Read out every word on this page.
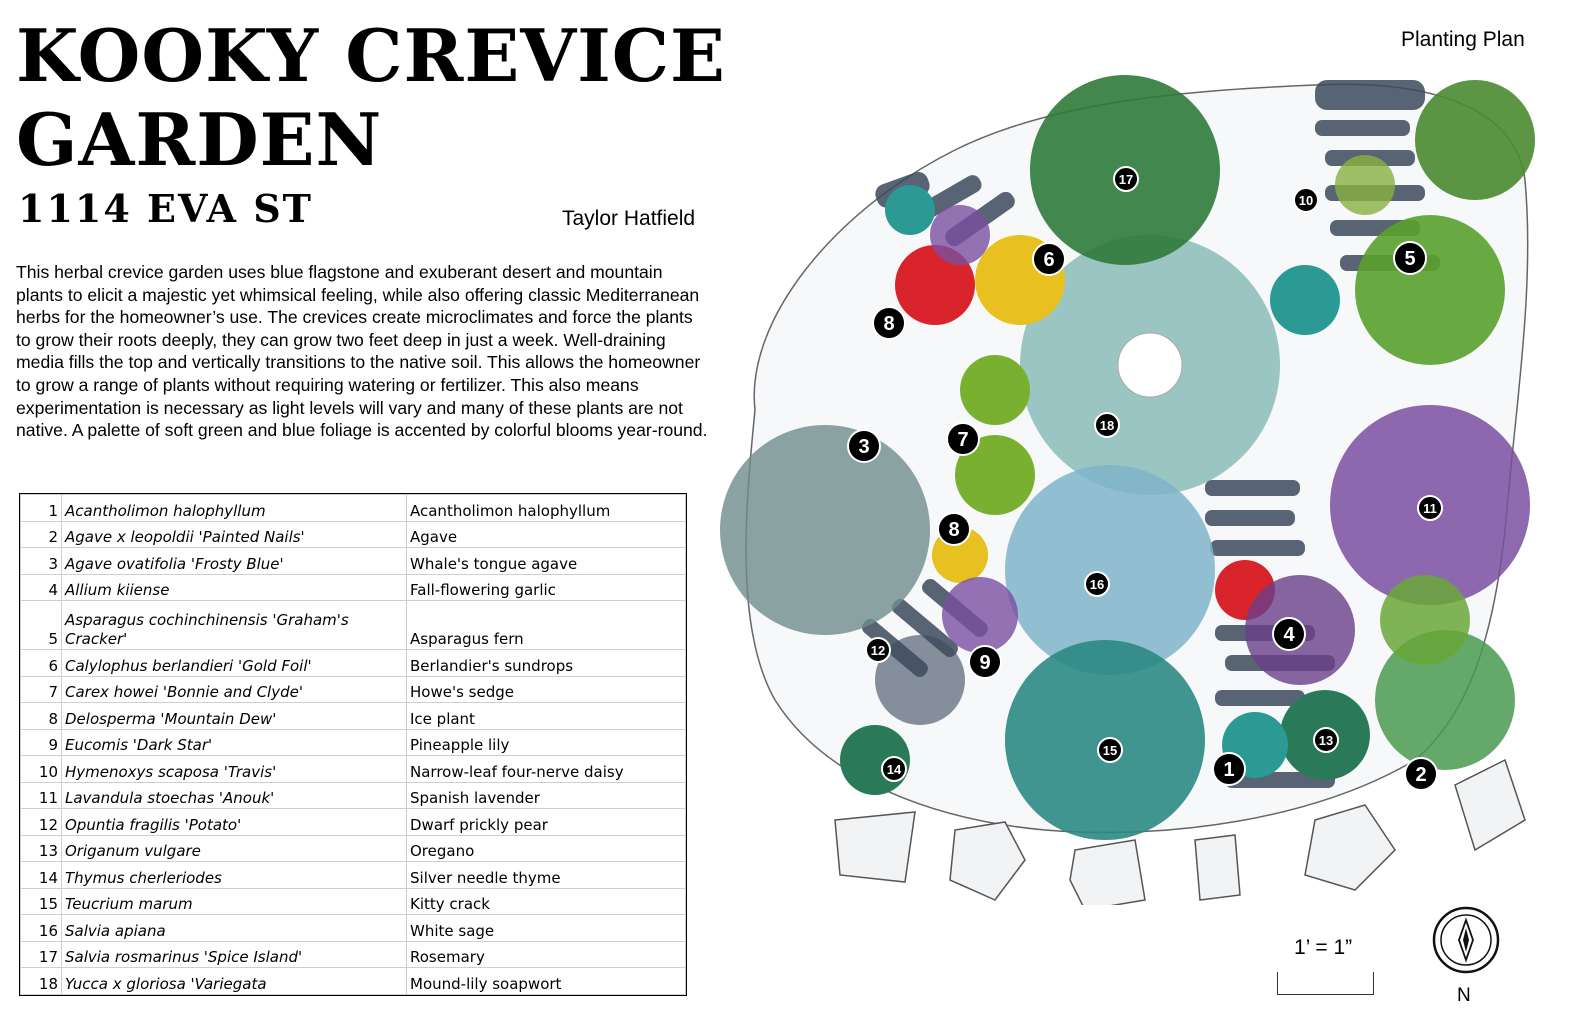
KOOKY CREVICE
GARDEN
1114 EVA ST	Taylor Hatfield

This herbal crevice garden uses blue flagstone and exuberant desert and mountain plants to elicit a majestic yet whimsical feeling, while also offering classic Mediterranean herbs for the homeowner’s use. The crevices create microclimates and force the plants to grow their roots deeply, they can grow two feet deep in just a week. Well-draining media fills the top and vertically transitions to the native soil. This allows the homeowner to grow a range of plants without requiring watering or fertilizer. This also means experimentation is necessary as light levels will vary and many of these plants are not native. A palette of soft green and blue foliage is accented by colorful blooms year-round.

1	Acantholimon halophyllum	Acantholimon halophyllum
2	Agave x leopoldii 'Painted Nails'	Agave
3	Agave ovatifolia 'Frosty Blue'	Whale's tongue agave
4	Allium kiiense	Fall-flowering garlic
5	Asparagus cochinchinensis 'Graham's Cracker'	Asparagus fern
6	Calylophus berlandieri 'Gold Foil'	Berlandier's sundrops
7	Carex howei 'Bonnie and Clyde'	Howe's sedge
8	Delosperma 'Mountain Dew'	Ice plant
9	Eucomis 'Dark Star'	Pineapple lily
10	Hymenoxys scaposa 'Travis'	Narrow-leaf four-nerve daisy
11	Lavandula stoechas 'Anouk'	Spanish lavender
12	Opuntia fragilis 'Potato'	Dwarf prickly pear
13	Origanum vulgare	Oregano
14	Thymus cherleriodes	Silver needle thyme
15	Teucrium marum	Kitty crack
16	Salvia apiana	White sage
17	Salvia rosmarinus 'Spice Island'	Rosemary
18	Yucca x gloriosa 'Variegata	Mound-lily soapwort
Planting Plan
1	2
3
4
5
6
7
8
8
9
10
11
12
13
14
15
16
17
18
1’ = 1”
N
